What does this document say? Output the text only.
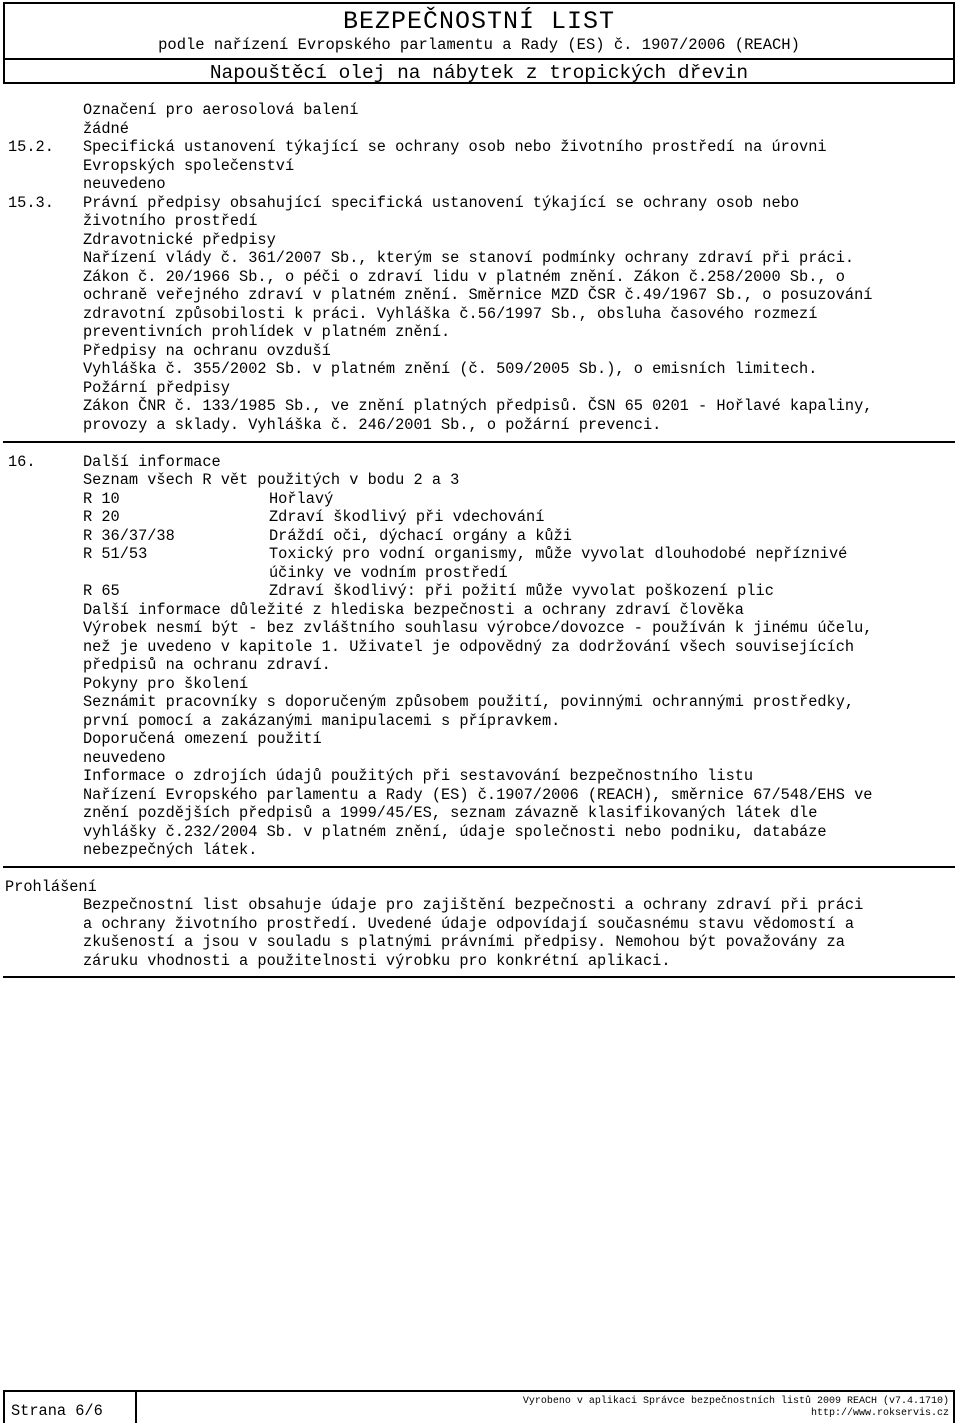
BEZPEČNOSTNÍ LIST
podle nařízení Evropského parlamentu a Rady (ES) č. 1907/2006 (REACH)
Napouštěcí olej na nábytek z tropických dřevin
Označení pro aerosolová balení
žádné
15.2. Specifická ustanovení týkající se ochrany osob nebo životního prostředí na úrovni
Evropských společenství
neuvedeno
15.3. Právní předpisy obsahující specifická ustanovení týkající se ochrany osob nebo
životního prostředí
Zdravotnické předpisy
Nařízení vlády č. 361/2007 Sb., kterým se stanoví podmínky ochrany zdraví při práci.
Zákon č. 20/1966 Sb., o péči o zdraví lidu v platném znění. Zákon č.258/2000 Sb., o
ochraně veřejného zdraví v platném znění. Směrnice MZD ČSR č.49/1967 Sb., o posuzování
zdravotní způsobilosti k práci. Vyhláška č.56/1997 Sb., obsluha časového rozmezí
preventivních prohlídek v platném znění.
Předpisy na ochranu ovzduší
Vyhláška č. 355/2002 Sb. v platném znění (č. 509/2005 Sb.), o emisních limitech.
Požární předpisy
Zákon ČNR č. 133/1985 Sb., ve znění platných předpisů. ČSN 65 0201 - Hořlavé kapaliny,
provozy a sklady. Vyhláška č. 246/2001 Sb., o požární prevenci.
16.	Další informace
Seznam všech R vět použitých v bodu 2 a 3
R 10	Hořlavý
R 20	Zdraví škodlivý při vdechování
R 36/37/38	Dráždí oči, dýchací orgány a kůži
R 51/53	Toxický pro vodní organismy, může vyvolat dlouhodobé nepříznivé
účinky ve vodním prostředí
R 65	Zdraví škodlivý: při požití může vyvolat poškození plic
Další informace důležité z hlediska bezpečnosti a ochrany zdraví člověka
Výrobek nesmí být - bez zvláštního souhlasu výrobce/dovozce - používán k jinému účelu,
než je uvedeno v kapitole 1. Uživatel je odpovědný za dodržování všech souvisejících
předpisů na ochranu zdraví.
Pokyny pro školení
Seznámit pracovníky s doporučeným způsobem použití, povinnými ochrannými prostředky,
první pomocí a zakázanými manipulacemi s přípravkem.
Doporučená omezení použití
neuvedeno
Informace o zdrojích údajů použitých při sestavování bezpečnostního listu
Nařízení Evropského parlamentu a Rady (ES) č.1907/2006 (REACH), směrnice 67/548/EHS ve
znění pozdějších předpisů a 1999/45/ES, seznam závazně klasifikovaných látek dle
vyhlášky č.232/2004 Sb. v platném znění, údaje společnosti nebo podniku, databáze
nebezpečných látek.
Prohlášení
Bezpečnostní list obsahuje údaje pro zajištění bezpečnosti a ochrany zdraví při práci
a ochrany životního prostředí. Uvedené údaje odpovídají současnému stavu vědomostí a
zkušeností a jsou v souladu s platnými právními předpisy. Nemohou být považovány za
záruku vhodnosti a použitelnosti výrobku pro konkrétní aplikaci.
Strana 6/6
Vyrobeno v aplikaci Správce bezpečnostních listů 2009 REACH (v7.4.1710)
http://www.rokservis.cz
